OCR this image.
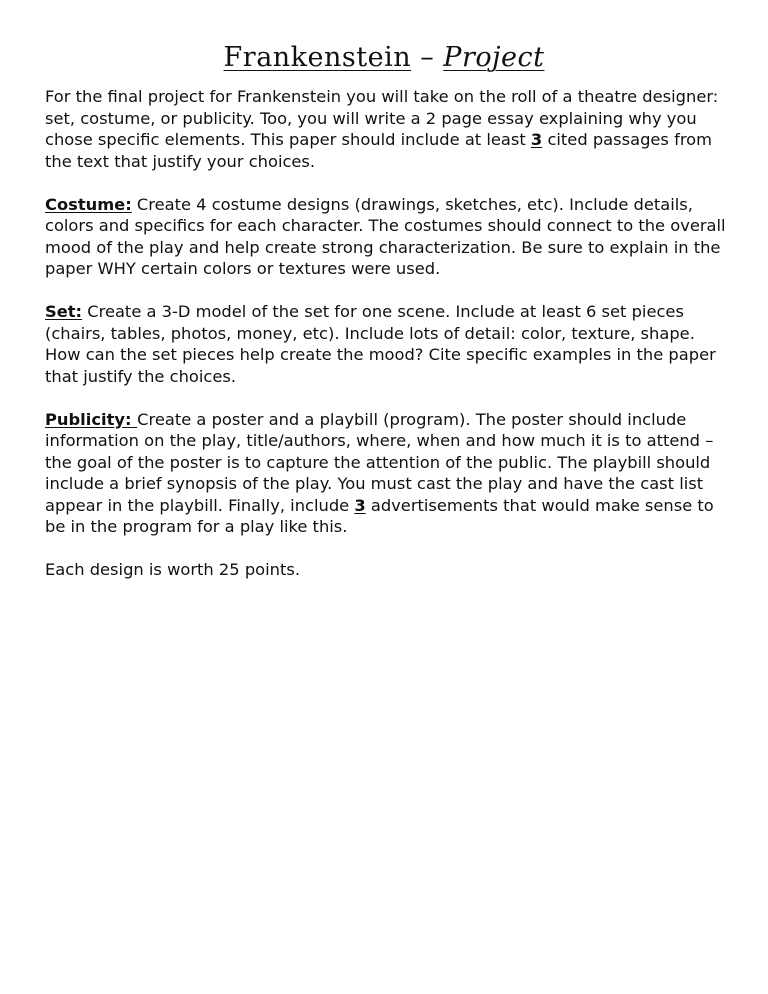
Frankenstein – Project

For the final project for Frankenstein you will take on the roll of a theatre designer: set, costume, or publicity. Too, you will write a 2 page essay explaining why you chose specific elements. This paper should include at least 3 cited passages from the text that justify your choices.

Costume: Create 4 costume designs (drawings, sketches, etc). Include details, colors and specifics for each character. The costumes should connect to the overall mood of the play and help create strong characterization. Be sure to explain in the paper WHY certain colors or textures were used.

Set: Create a 3-D model of the set for one scene. Include at least 6 set pieces (chairs, tables, photos, money, etc). Include lots of detail: color, texture, shape. How can the set pieces help create the mood? Cite specific examples in the paper that justify the choices.

Publicity: Create a poster and a playbill (program). The poster should include information on the play, title/authors, where, when and how much it is to attend – the goal of the poster is to capture the attention of the public. The playbill should include a brief synopsis of the play. You must cast the play and have the cast list appear in the playbill. Finally, include 3 advertisements that would make sense to be in the program for a play like this.

Each design is worth 25 points.
